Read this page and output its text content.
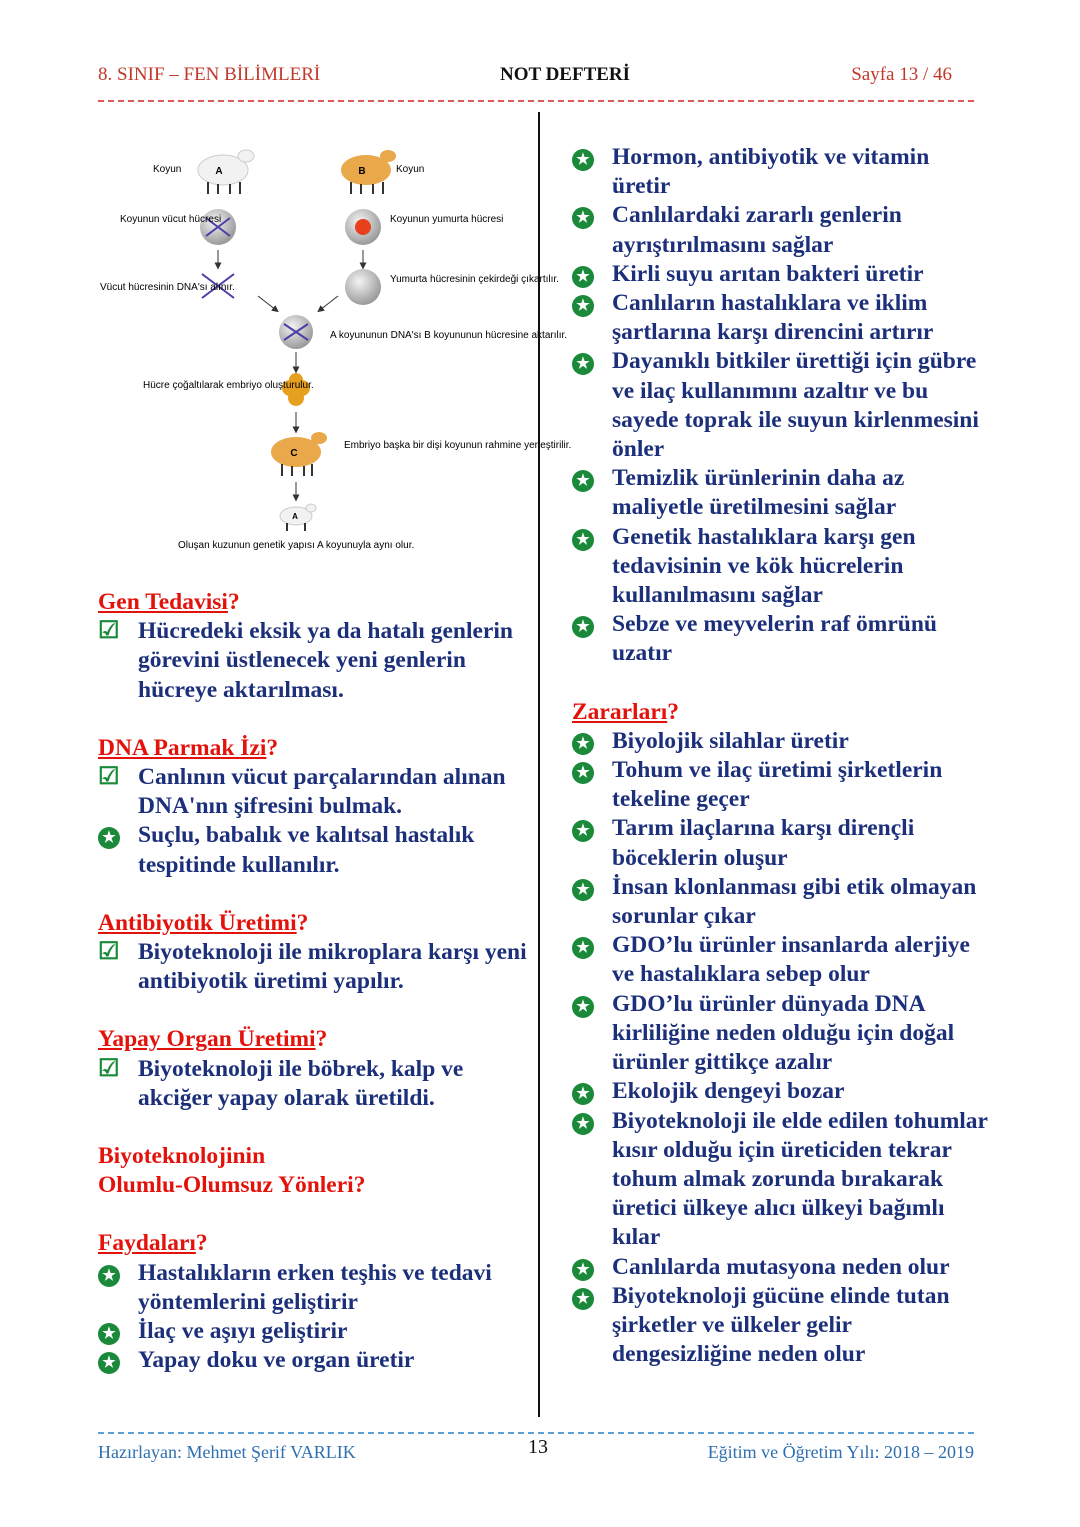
8. SINIF – FEN BİLİMLERİ	NOT DEFTERİ	Sayfa 13 / 46
A
Koyun	B	Koyun
Koyunun vücut hücresi	Koyunun yumurta hücresi
Vücut hücresinin DNA'sı alınır.
Yumurta hücresinin çekirdeği çıkartılır.
A koyununun DNA'sı B koyununun hücresine aktarılır.
Hücre çoğaltılarak embriyo oluşturulur.
C
Embriyo başka bir dişi koyunun rahmine yerleştirilir.
A
Oluşan kuzunun genetik yapısı A koyunuyla aynı olur.
Gen Tedavisi?
☑ Hücredeki eksik ya da hatalı genlerin görevini üstlenecek yeni genlerin hücreye aktarılması.
DNA Parmak İzi?
☑ Canlının vücut parçalarından alınan DNA'nın şifresini bulmak.
★ Suçlu, babalık ve kalıtsal hastalık tespitinde kullanılır.
Antibiyotik Üretimi?
☑ Biyoteknoloji ile mikroplara karşı yeni antibiyotik üretimi yapılır.
Yapay Organ Üretimi?
☑ Biyoteknoloji ile böbrek, kalp ve akciğer yapay olarak üretildi.
Biyoteknolojinin
Olumlu-Olumsuz Yönleri?
Faydaları?
★ Hastalıkların erken teşhis ve tedavi yöntemlerini geliştirir
★ İlaç ve aşıyı geliştirir
★ Yapay doku ve organ üretir
★ Hormon, antibiyotik ve vitamin üretir
★ Canlılardaki zararlı genlerin ayrıştırılmasını sağlar
★ Kirli suyu arıtan bakteri üretir
★ Canlıların hastalıklara ve iklim şartlarına karşı direncini artırır
★ Dayanıklı bitkiler ürettiği için gübre ve ilaç kullanımını azaltır ve bu sayede toprak ile suyun kirlenmesini önler
★ Temizlik ürünlerinin daha az maliyetle üretilmesini sağlar
★ Genetik hastalıklara karşı gen tedavisinin ve kök hücrelerin kullanılmasını sağlar
★ Sebze ve meyvelerin raf ömrünü uzatır
Zararları?
★ Biyolojik silahlar üretir
★ Tohum ve ilaç üretimi şirketlerin tekeline geçer
★ Tarım ilaçlarına karşı dirençli böceklerin oluşur
★ İnsan klonlanması gibi etik olmayan sorunlar çıkar
★ GDO’lu ürünler insanlarda alerjiye ve hastalıklara sebep olur
★ GDO’lu ürünler dünyada DNA kirliliğine neden olduğu için doğal ürünler gittikçe azalır
★ Ekolojik dengeyi bozar
★ Biyoteknoloji ile elde edilen tohumlar kısır olduğu için üreticiden tekrar tohum almak zorunda bırakarak üretici ülkeye alıcı ülkeyi bağımlı kılar
★ Canlılarda mutasyona neden olur
★ Biyoteknoloji gücüne elinde tutan şirketler ve ülkeler gelir dengesizliğine neden olur
Hazırlayan: Mehmet Şerif VARLIK	13	Eğitim ve Öğretim Yılı: 2018 – 2019
